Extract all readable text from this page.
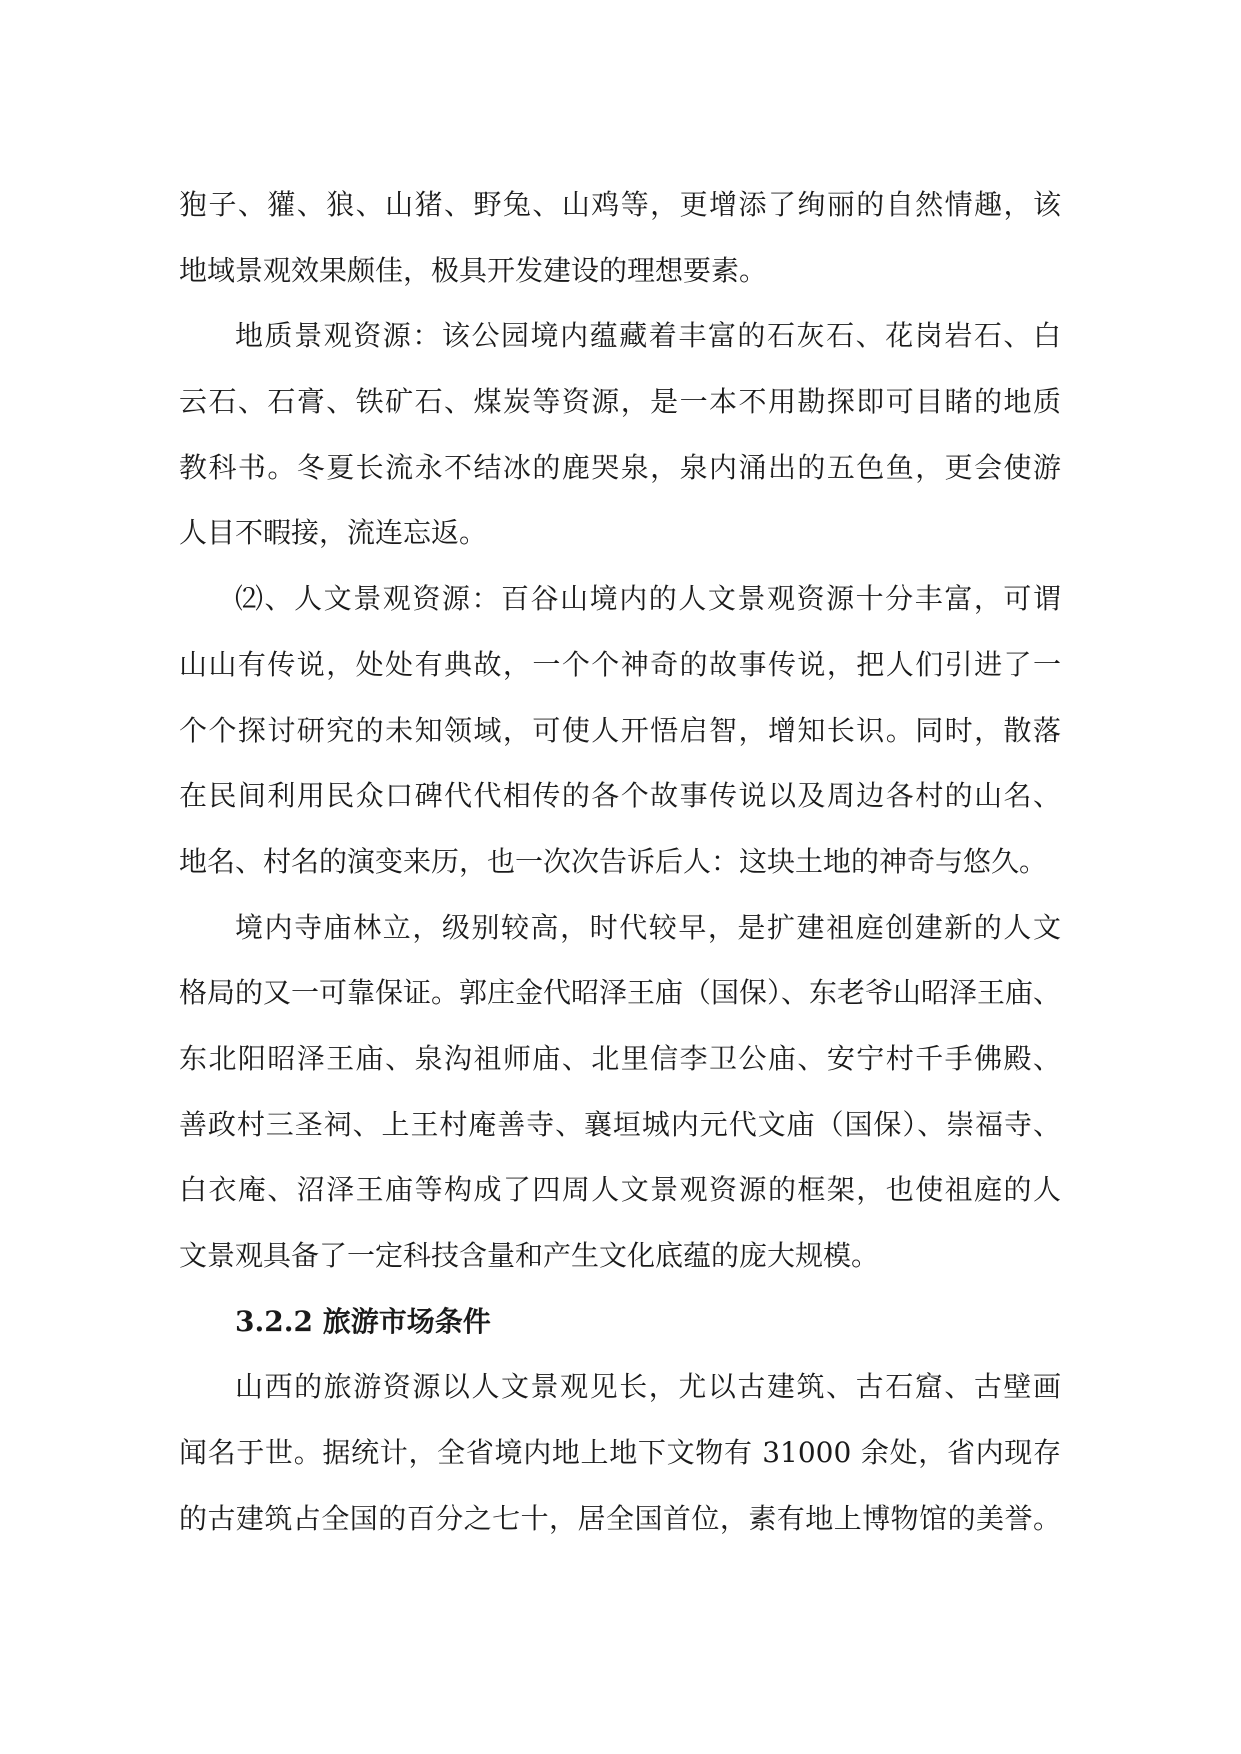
狍子、獾、狼、山猪、野兔、山鸡等，更增添了绚丽的自然情趣，该
地域景观效果颇佳，极具开发建设的理想要素。
地质景观资源：该公园境内蕴藏着丰富的石灰石、花岗岩石、白
云石、石膏、铁矿石、煤炭等资源，是一本不用勘探即可目睹的地质
教科书。冬夏长流永不结冰的鹿哭泉，泉内涌出的五色鱼，更会使游
人目不暇接，流连忘返。
⑵、人文景观资源：百谷山境内的人文景观资源十分丰富，可谓
山山有传说，处处有典故，一个个神奇的故事传说，把人们引进了一
个个探讨研究的未知领域，可使人开悟启智，增知长识。同时，散落
在民间利用民众口碑代代相传的各个故事传说以及周边各村的山名、
地名、村名的演变来历，也一次次告诉后人：这块土地的神奇与悠久。
境内寺庙林立，级别较高，时代较早，是扩建祖庭创建新的人文
格局的又一可靠保证。郭庄金代昭泽王庙（国保）、东老爷山昭泽王庙、
东北阳昭泽王庙、泉沟祖师庙、北里信李卫公庙、安宁村千手佛殿、
善政村三圣祠、上王村庵善寺、襄垣城内元代文庙（国保）、崇福寺、
白衣庵、沼泽王庙等构成了四周人文景观资源的框架，也使祖庭的人
文景观具备了一定科技含量和产生文化底蕴的庞大规模。
3.2.2 旅游市场条件
山西的旅游资源以人文景观见长，尤以古建筑、古石窟、古壁画
闻名于世。据统计，全省境内地上地下文物有 31000 余处，省内现存
的古建筑占全国的百分之七十，居全国首位，素有地上博物馆的美誉。
